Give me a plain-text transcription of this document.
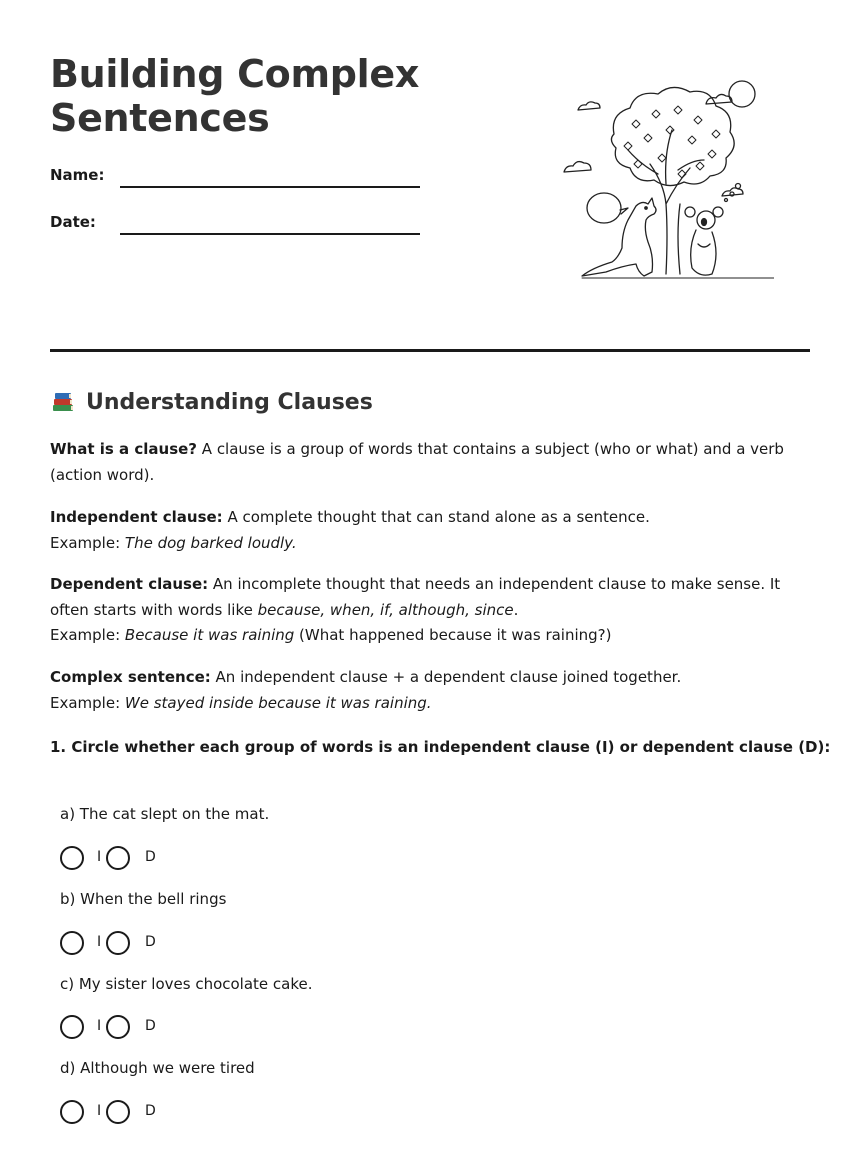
Building Complex
Sentences
Name:
Date:
Understanding Clauses

What is a clause? A clause is a group of words that contains a subject (who or what) and a verb (action word).

Independent clause: A complete thought that can stand alone as a sentence.
Example: The dog barked loudly.

Dependent clause: An incomplete thought that needs an independent clause to make sense. It often starts with words like because, when, if, although, since.
Example: Because it was raining (What happened because it was raining?)

Complex sentence: An independent clause + a dependent clause joined together.
Example: We stayed inside because it was raining.

1. Circle whether each group of words is an independent clause (I) or dependent clause (D):

a) The cat slept on the mat.

I	D

b) When the bell rings

I	D

c) My sister loves chocolate cake.

I	D

d) Although we were tired

I	D
